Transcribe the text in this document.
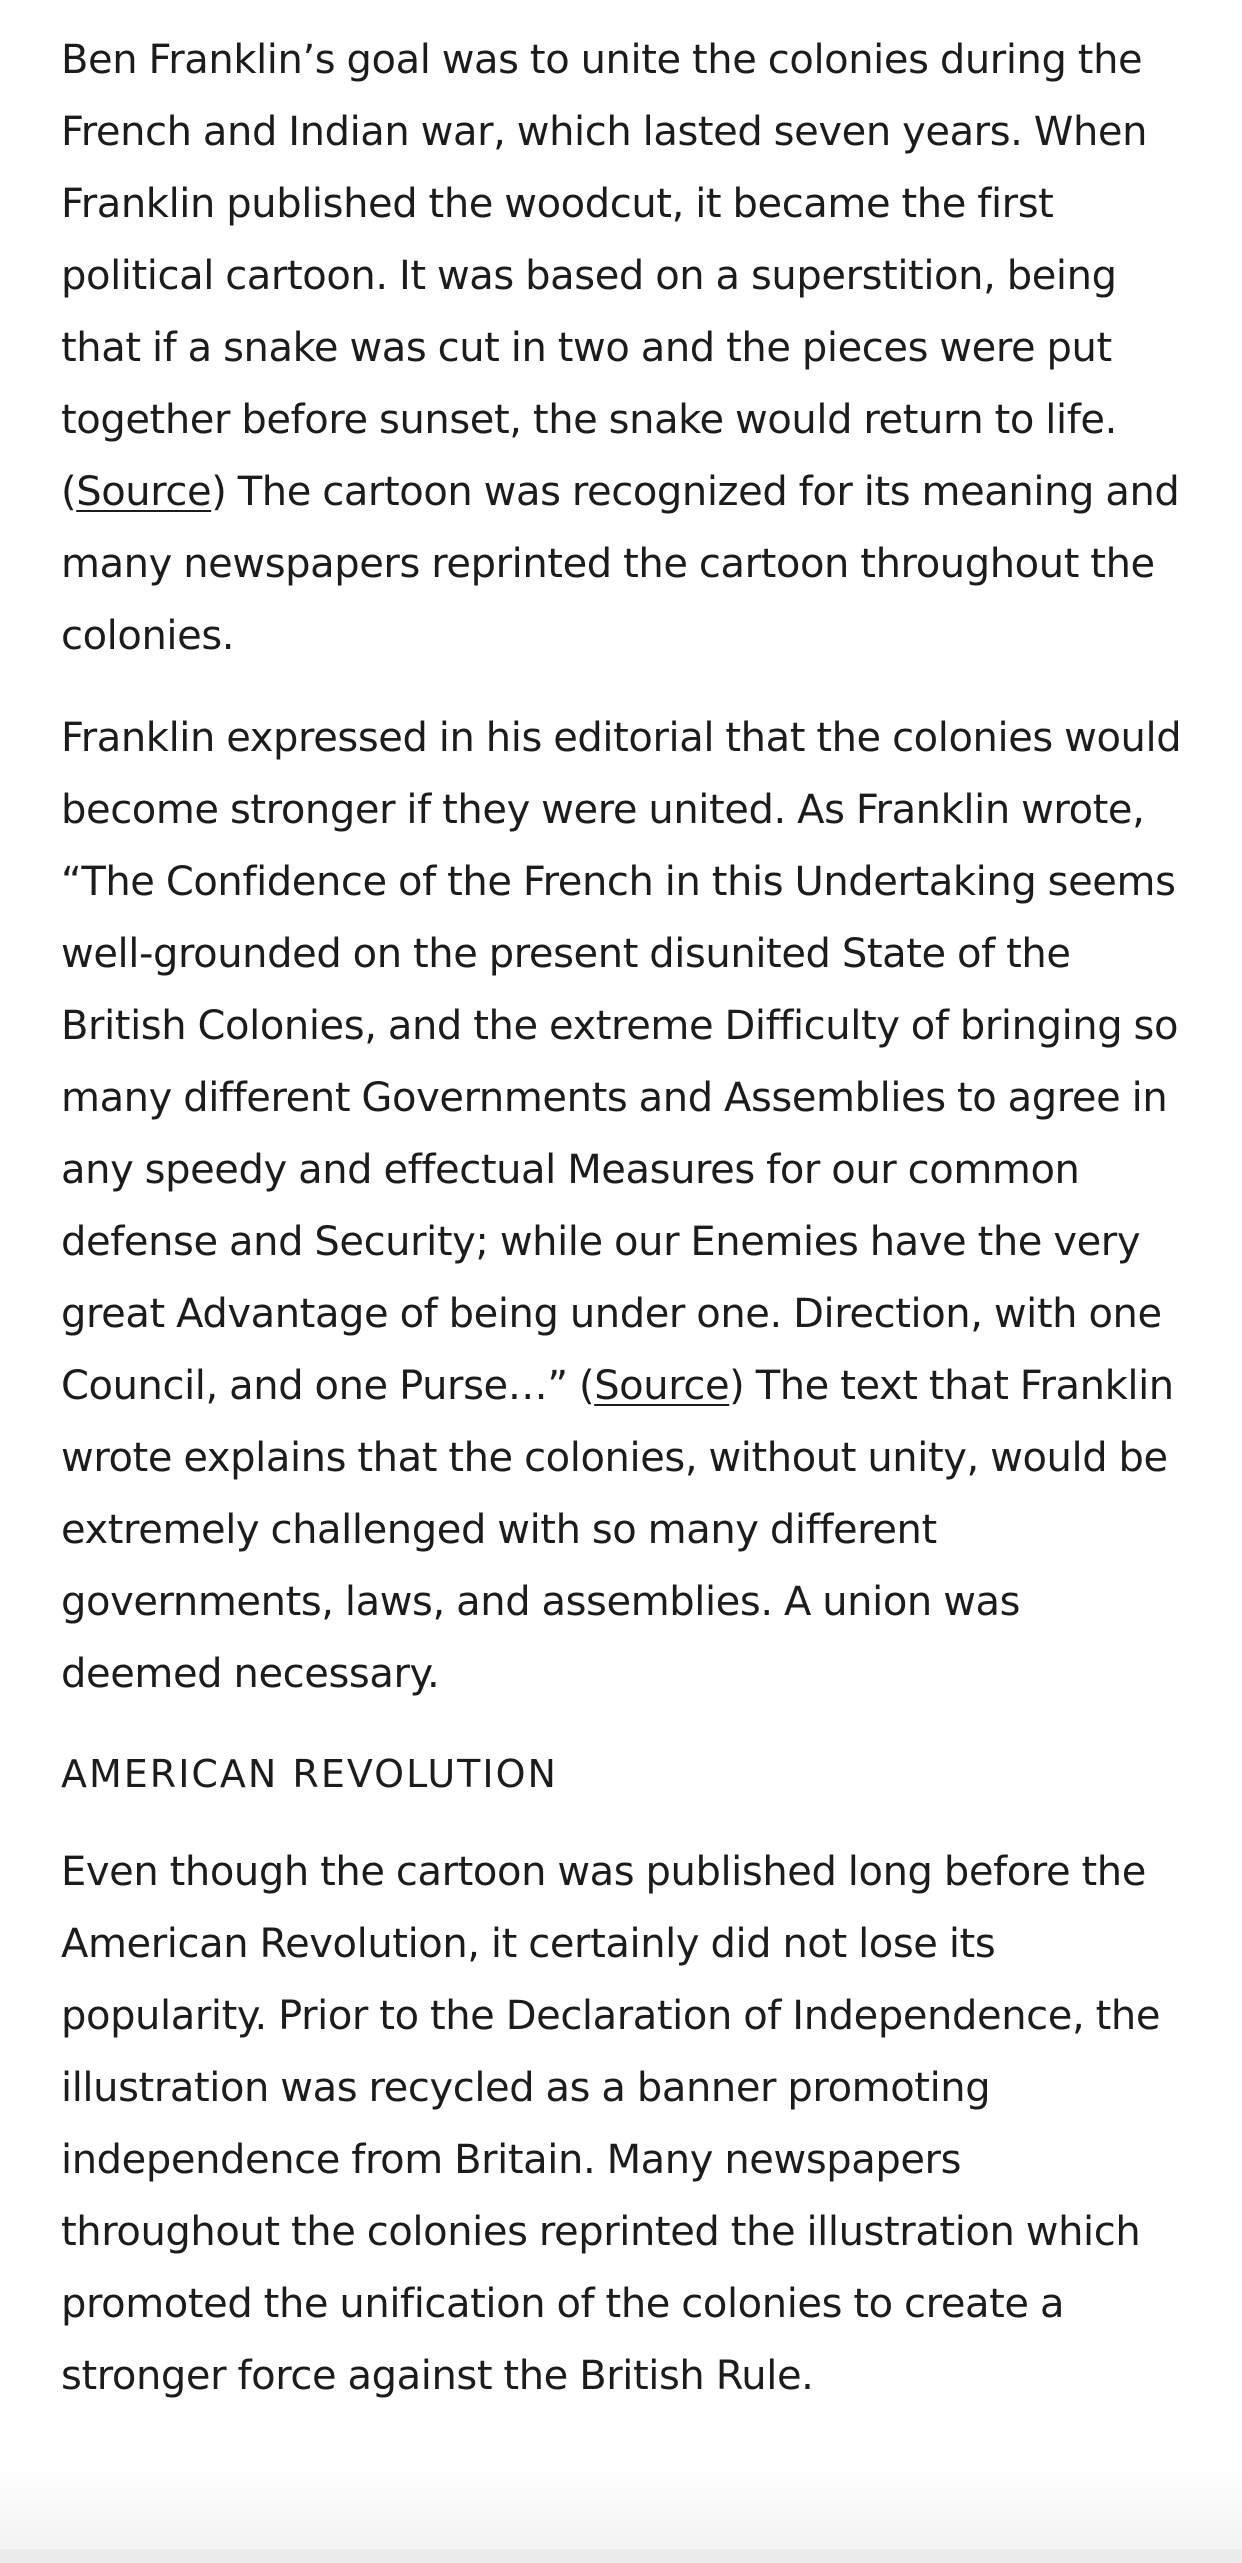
Ben Franklin’s goal was to unite the colonies during the French and Indian war, which lasted seven years. When Franklin published the woodcut, it became the first political cartoon. It was based on a superstition, being that if a snake was cut in two and the pieces were put together before sunset, the snake would return to life. (Source) The cartoon was recognized for its meaning and many newspapers reprinted the cartoon throughout the colonies.

Franklin expressed in his editorial that the colonies would become stronger if they were united. As Franklin wrote, “The Confidence of the French in this Undertaking seems well-grounded on the present disunited State of the British Colonies, and the extreme Difficulty of bringing so many different Governments and Assemblies to agree in any speedy and effectual Measures for our common defense and Security; while our Enemies have the very great Advantage of being under one. Direction, with one Council, and one Purse…” (Source) The text that Franklin wrote explains that the colonies, without unity, would be extremely challenged with so many different governments, laws, and assemblies. A union was deemed necessary.

AMERICAN REVOLUTION

Even though the cartoon was published long before the American Revolution, it certainly did not lose its popularity. Prior to the Declaration of Independence, the illustration was recycled as a banner promoting independence from Britain. Many newspapers throughout the colonies reprinted the illustration which promoted the unification of the colonies to create a stronger force against the British Rule.
